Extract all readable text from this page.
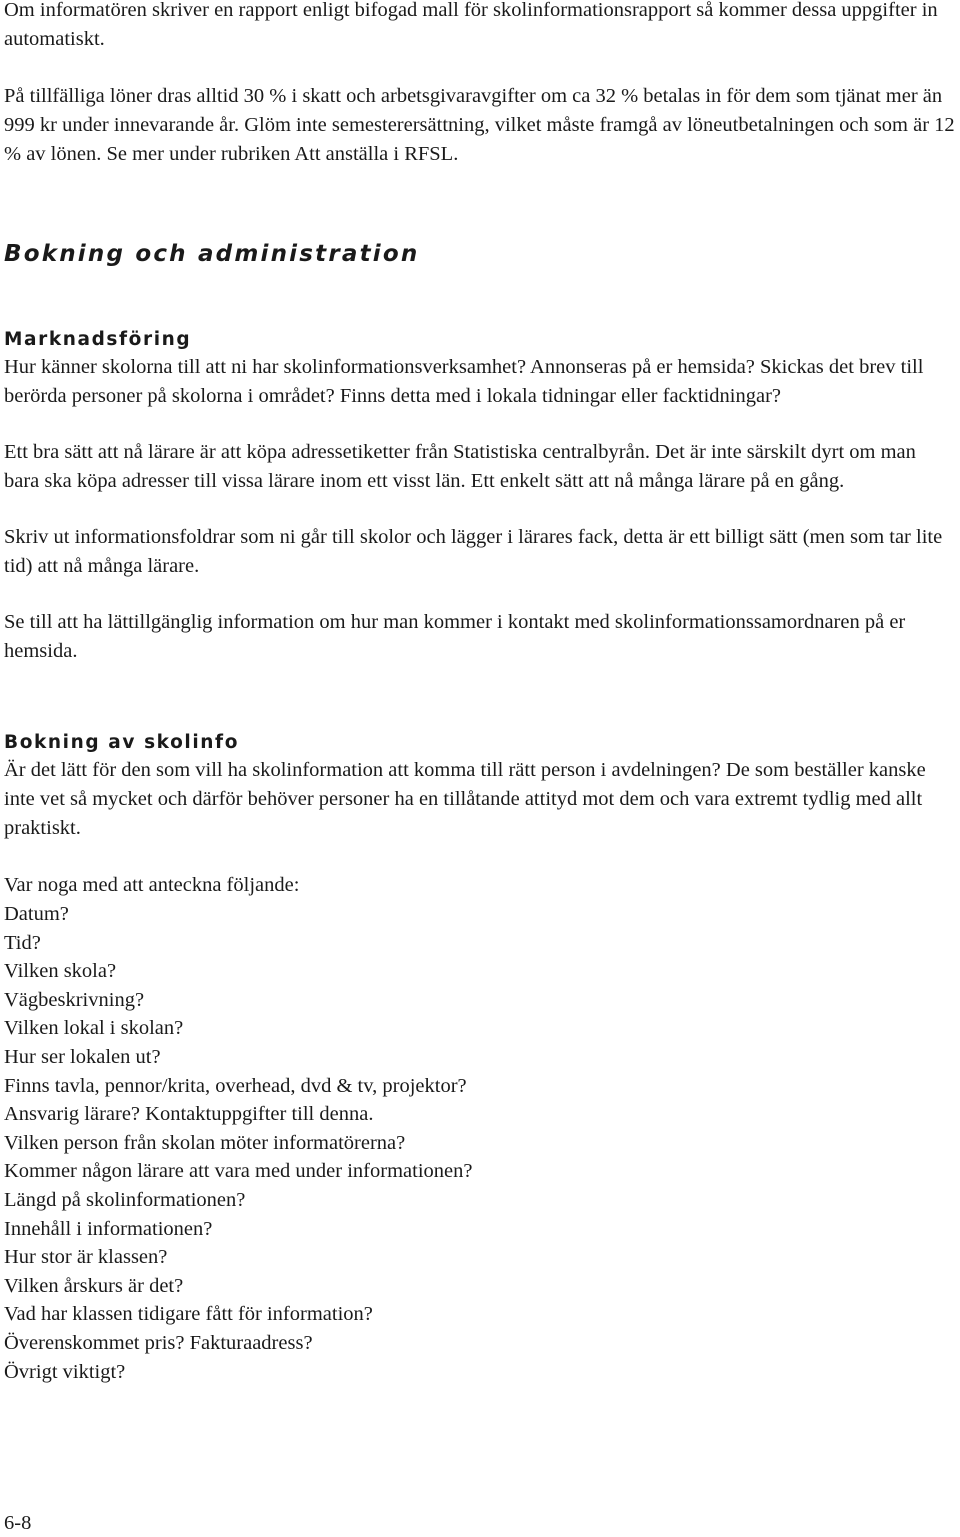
Om informatören skriver en rapport enligt bifogad mall för skolinformationsrapport så kommer dessa uppgifter in automatiskt.

På tillfälliga löner dras alltid 30 % i skatt och arbetsgivaravgifter om ca 32 % betalas in för dem som tjänat mer än 999 kr under innevarande år. Glöm inte semesterersättning, vilket måste framgå av löneutbetalningen och som är 12 % av lönen. Se mer under rubriken Att anställa i RFSL.

Bokning och administration
Marknadsföring

Hur känner skolorna till att ni har skolinformationsverksamhet? Annonseras på er hemsida? Skickas det brev till berörda personer på skolorna i området? Finns detta med i lokala tidningar eller facktidningar?

Ett bra sätt att nå lärare är att köpa adressetiketter från Statistiska centralbyrån. Det är inte särskilt dyrt om man bara ska köpa adresser till vissa lärare inom ett visst län. Ett enkelt sätt att nå många lärare på en gång.

Skriv ut informationsfoldrar som ni går till skolor och lägger i lärares fack, detta är ett billigt sätt (men som tar lite tid) att nå många lärare.

Se till att ha lättillgänglig information om hur man kommer i kontakt med skolinformationssamordnaren på er hemsida.

Bokning av skolinfo

Är det lätt för den som vill ha skolinformation att komma till rätt person i avdelningen? De som beställer kanske inte vet så mycket och därför behöver personer ha en tillåtande attityd mot dem och vara extremt tydlig med allt praktiskt.

Var noga med att anteckna följande:

Datum?
Tid?
Vilken skola?
Vägbeskrivning?
Vilken lokal i skolan?
Hur ser lokalen ut?
Finns tavla, pennor/krita, overhead, dvd & tv, projektor?
Ansvarig lärare? Kontaktuppgifter till denna.
Vilken person från skolan möter informatörerna?
Kommer någon lärare att vara med under informationen?
Längd på skolinformationen?
Innehåll i informationen?
Hur stor är klassen?
Vilken årskurs är det?
Vad har klassen tidigare fått för information?
Överenskommet pris? Fakturaadress?
Övrigt viktigt?
6-8
